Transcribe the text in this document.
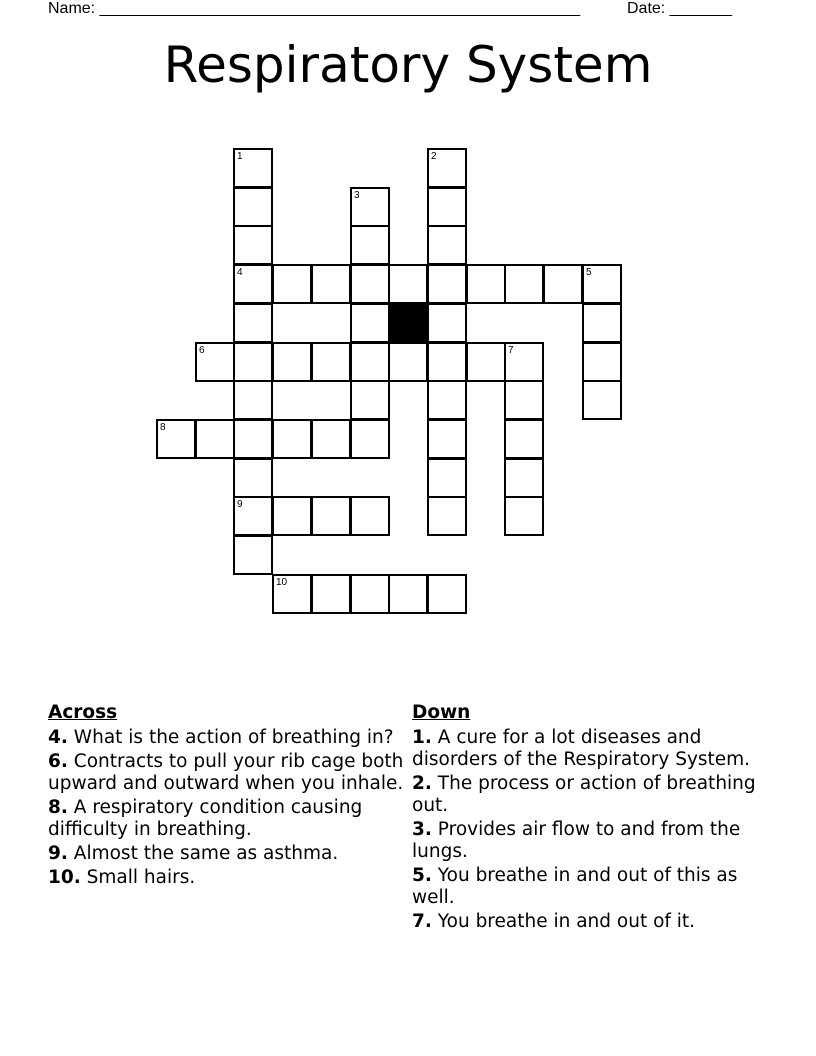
Name: ______________________________________________________	Date: _______
Respiratory System
1	2
3
4	5
6	7
8
9
10
Across
4. What is the action of breathing in?
6. Contracts to pull your rib cage both upward and outward when you inhale.
8. A respiratory condition causing difficulty in breathing.
9. Almost the same as asthma.
10. Small hairs.
Down
1. A cure for a lot diseases and disorders of the Respiratory System.
2. The process or action of breathing out.
3. Provides air flow to and from the lungs.
5. You breathe in and out of this as well.
7. You breathe in and out of it.
